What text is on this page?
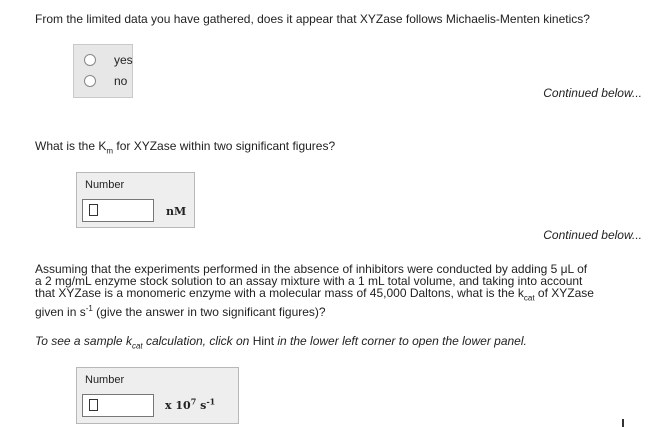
From the limited data you have gathered, does it appear that XYZase follows Michaelis-Menten kinetics?
yes
no
Continued below...
What is the $K_m$ for XYZase within two significant figures?
Number
nM
Continued below...
Assuming that the experiments performed in the absence of inhibitors were conducted by adding 5 μL of
a 2 mg/mL enzyme stock solution to an assay mixture with a 1 mL total volume, and taking into account
that XYZase is a monomeric enzyme with a molecular mass of 45,000 Daltons, what is the $k_{cat}$ of XYZase
given in $s^{-1}$ (give the answer in two significant figures)?
To see a sample $k_{cat}$ calculation, click on Hint in the lower left corner to open the lower panel.
Number
x $10^7$ $s^{-1}$
